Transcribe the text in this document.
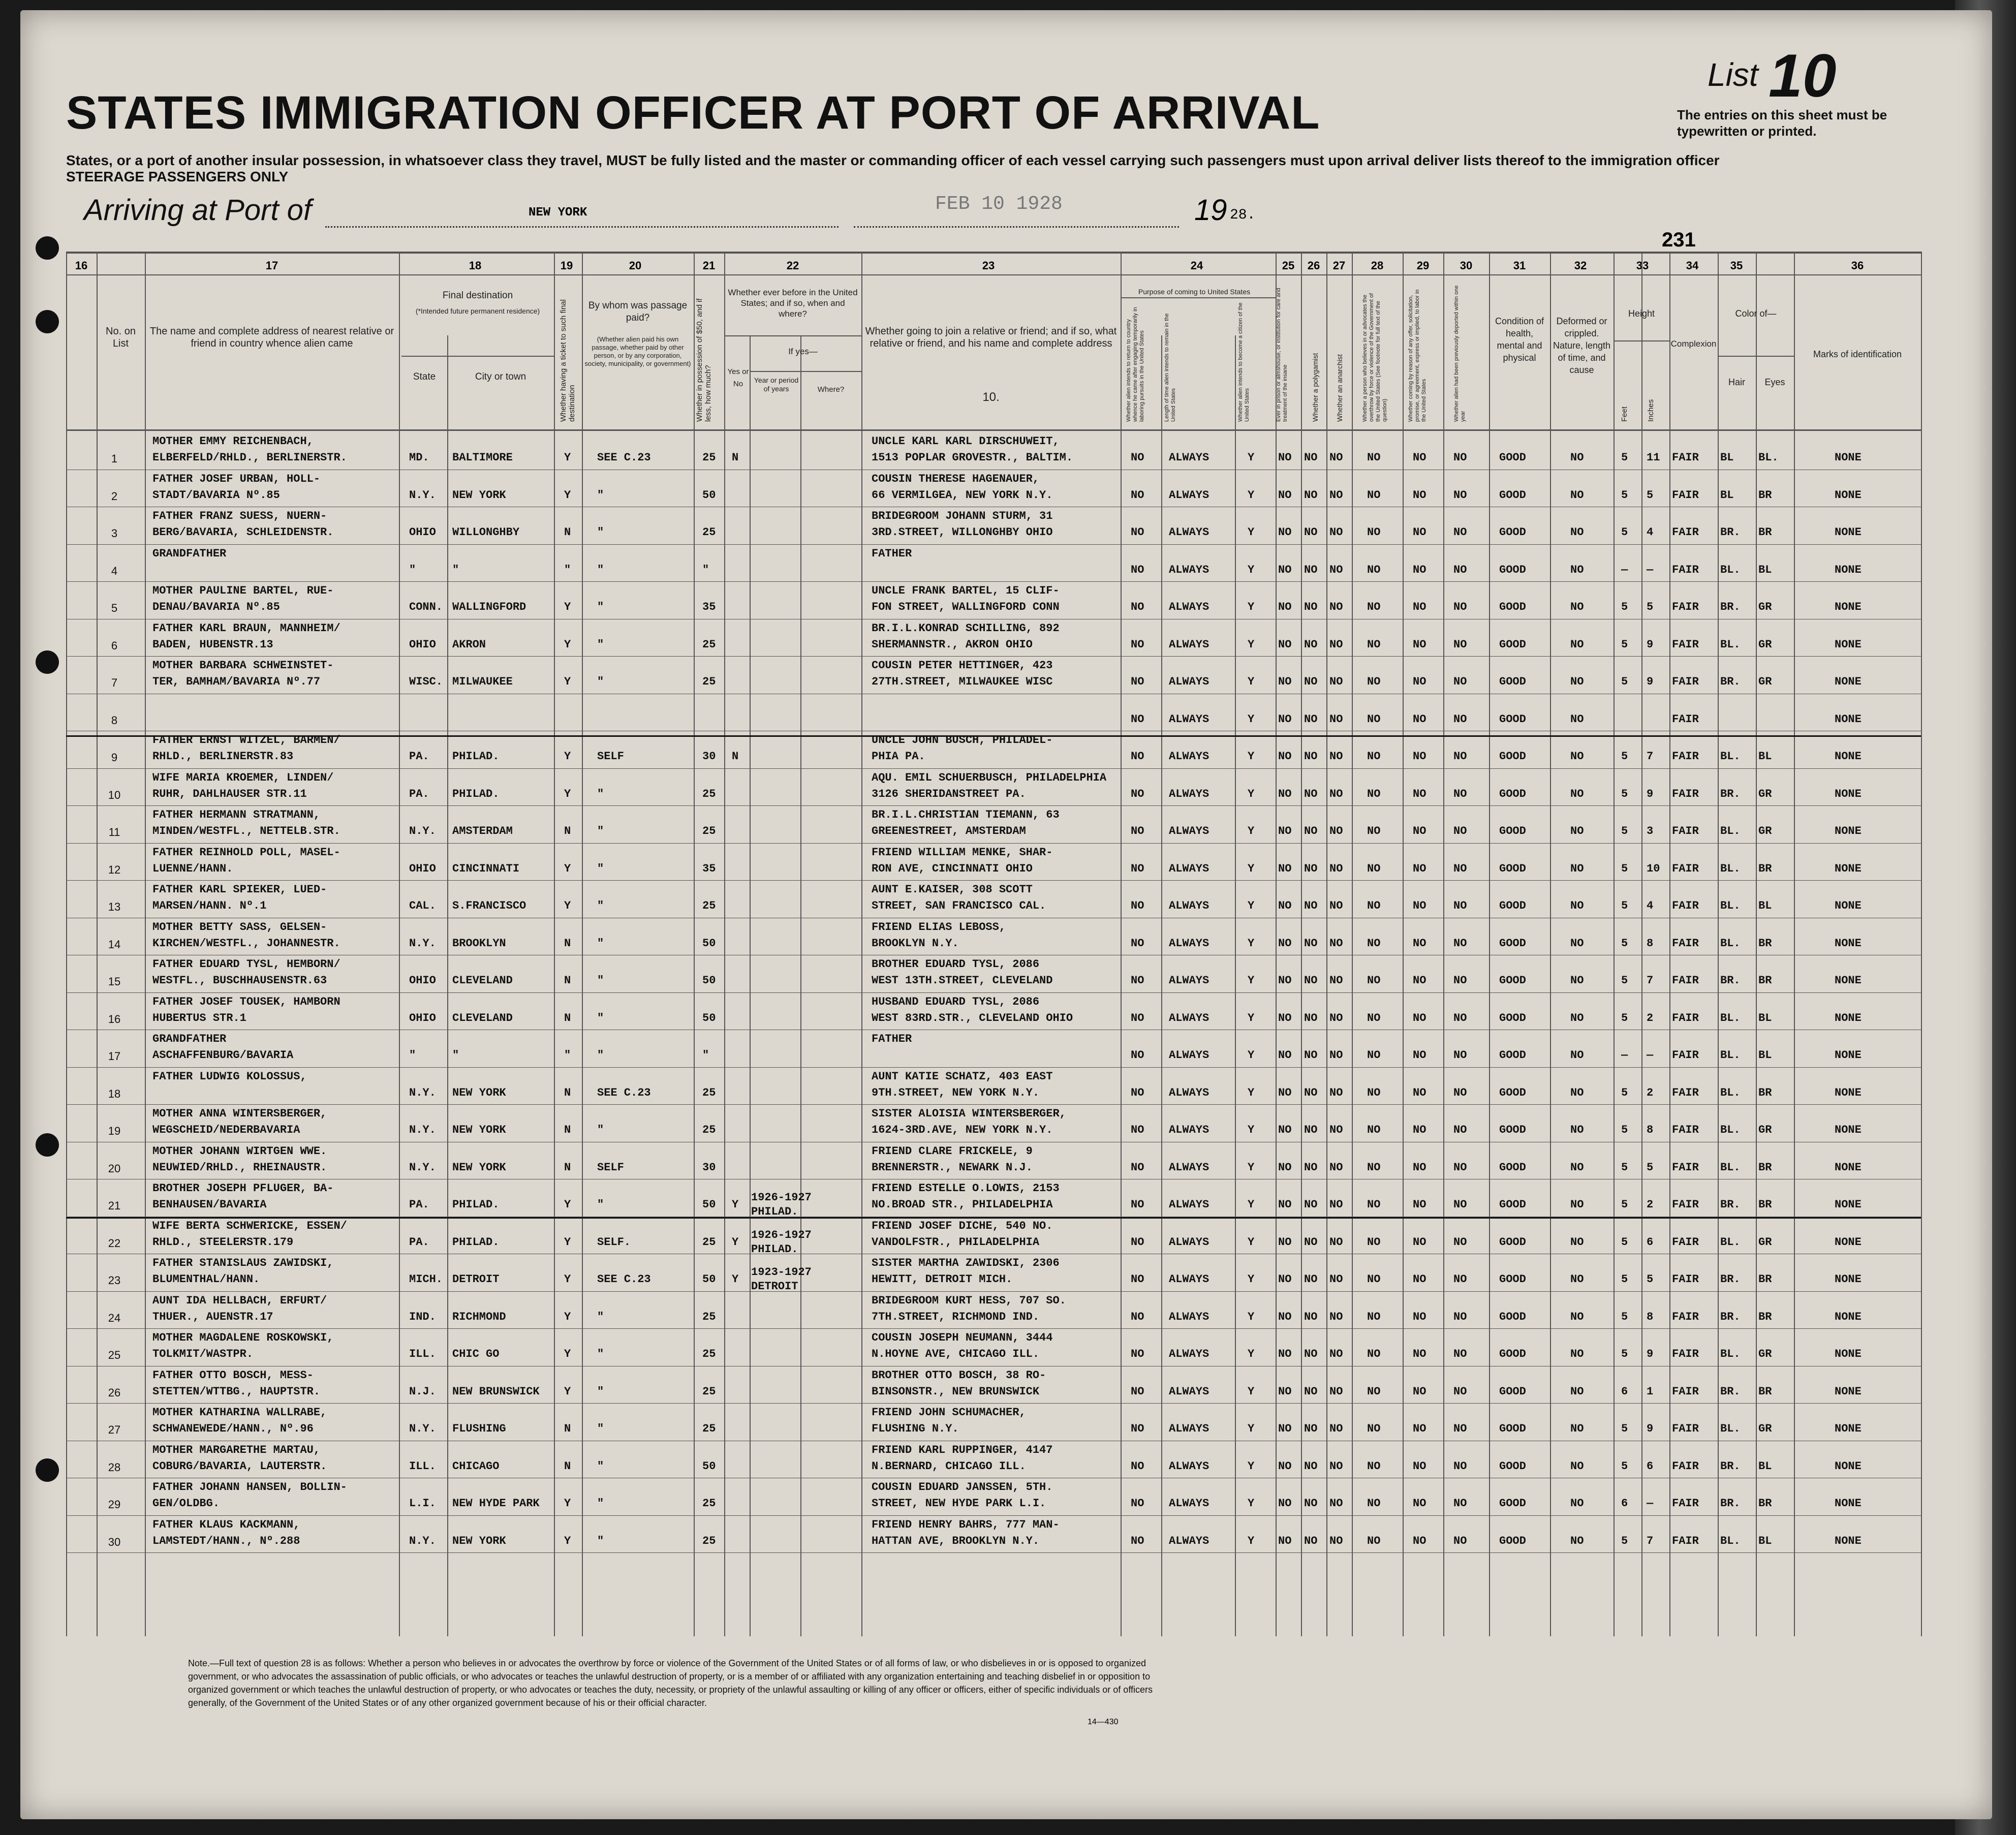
STATES IMMIGRATION OFFICER AT PORT OF ARRIVAL
List 10
The entries on this sheet must be typewritten or printed.
States, or a port of another insular possession, in whatsoever class they travel, MUST be fully listed and the master or commanding officer of each vessel carrying such passengers must upon arrival deliver lists thereof to the immigration officer
STEERAGE PASSENGERS ONLY
Arriving at Port of	NEW YORK	FEB 10 1928	19 28.
231
16	17	18	19	20	21	22	23	24	25	26	27	28	29	30	31	32	33	34	35	36
No. on List
The name and complete address of nearest relative or friend in country whence alien came
Final destination
(*Intended future permanent residence)
State	City or town	Whether having a ticket to such final destination
By whom was passage paid?
(Whether alien paid his own passage, whether paid by other person, or by any corporation, society, municipality, or government) Whether in possession of $50, and if less, how much?
Whether ever before in the United States; and if so, when and where?
Yes or No
If yes—
Year or period of years	Where?
Whether going to join a relative or friend; and if so, what relative or friend, and his name and complete address
10.
Purpose of coming to United States
Whether alien intends to return to country whence he came after engaging temporarily in laboring pursuits in the United States	Length of time alien intends to remain in the United States	Whether alien intends to become a citizen of the United States	Ever in prison or almshouse, or institution for care and treatment of the insane	Whether a polygamist Whether an anarchist	Whether a person who believes in or advocates the overthrow by force or violence of the Government of the United States (See footnote for full text of the question)	Whether coming by reason of any offer, solicitation, promise, or agreement, express or implied, to labor in the United States	Whether alien had been previously deported within one year
Condition of health, mental and physical
Deformed or crippled. Nature, length of time, and cause
Height
Feet Inches
Complexion
Color of—
Hair	Eyes
Marks of identification
1
MOTHER EMMY REICHENBACH,
ELBERFELD/RHLD., BERLINERSTR.
UNCLE KARL KARL DIRSCHUWEIT,
1513 POPLAR GROVESTR., BALTIM.
MD. BALTIMORE	Y SEE C.23	25 N	NO ALWAYS	Y NO NO NO NO	NO NO	GOOD	NO	5 11 FAIR BL BL.	NONE
2
FATHER JOSEF URBAN, HOLL-
STADT/BAVARIA Nº.85
COUSIN THERESE HAGENAUER,
66 VERMILGEA, NEW YORK N.Y.
N.Y. NEW YORK	Y "	50	NO ALWAYS	Y NO NO NO NO	NO NO	GOOD	NO	5 5 FAIR BL BR	NONE
3
FATHER FRANZ SUESS, NUERN-
BERG/BAVARIA, SCHLEIDENSTR.
BRIDEGROOM JOHANN STURM, 31
3RD.STREET, WILLONGHBY OHIO
OHIO WILLONGHBY	N "	25	NO ALWAYS	Y NO NO NO NO	NO NO	GOOD	NO	5 4 FAIR BR. BR	NONE
4
GRANDFATHER	FATHER
"	"	" "	"	NO ALWAYS	Y NO NO NO NO	NO NO	GOOD	NO	— — FAIR BL. BL	NONE
5
MOTHER PAULINE BARTEL, RUE-
DENAU/BAVARIA Nº.85
UNCLE FRANK BARTEL, 15 CLIF-
FON STREET, WALLINGFORD CONN
CONN. WALLINGFORD	Y "	35	NO ALWAYS	Y NO NO NO NO	NO NO	GOOD	NO	5 5 FAIR BR. GR	NONE
6
FATHER KARL BRAUN, MANNHEIM/
BADEN, HUBENSTR.13
BR.I.L.KONRAD SCHILLING, 892
SHERMANNSTR., AKRON OHIO
OHIO AKRON	Y "	25	NO ALWAYS	Y NO NO NO NO	NO NO	GOOD	NO	5 9 FAIR BL. GR	NONE
7
MOTHER BARBARA SCHWEINSTET-
TER, BAMHAM/BAVARIA Nº.77
COUSIN PETER HETTINGER, 423
27TH.STREET, MILWAUKEE WISC
WISC. MILWAUKEE	Y "	25	NO ALWAYS	Y NO NO NO NO	NO NO	GOOD	NO	5 9 FAIR BR. GR	NONE
8	NO ALWAYS	Y NO NO NO NO	NO NO	GOOD	NO	FAIR	NONE
9
FATHER ERNST WITZEL, BARMEN/
RHLD., BERLINERSTR.83
UNCLE JOHN BUSCH, PHILADEL-
PHIA PA.
PA. PHILAD.	Y SELF	30 N	NO ALWAYS	Y NO NO NO NO	NO NO	GOOD	NO	5 7 FAIR BL. BL	NONE
10
WIFE MARIA KROEMER, LINDEN/
RUHR, DAHLHAUSER STR.11
AQU. EMIL SCHUERBUSCH, PHILADELPHIA
3126 SHERIDANSTREET PA.
PA. PHILAD.	Y "	25	NO ALWAYS	Y NO NO NO NO	NO NO	GOOD	NO	5 9 FAIR BR. GR	NONE
11
FATHER HERMANN STRATMANN,
MINDEN/WESTFL., NETTELB.STR.
BR.I.L.CHRISTIAN TIEMANN, 63
GREENESTREET, AMSTERDAM
N.Y. AMSTERDAM	N "	25	NO ALWAYS	Y NO NO NO NO	NO NO	GOOD	NO	5 3 FAIR BL. GR	NONE
12
FATHER REINHOLD POLL, MASEL-
LUENNE/HANN.
FRIEND WILLIAM MENKE, SHAR-
RON AVE, CINCINNATI OHIO
OHIO CINCINNATI	Y "	35	NO ALWAYS	Y NO NO NO NO	NO NO	GOOD	NO	5 10 FAIR BL. BR	NONE
13
FATHER KARL SPIEKER, LUED-
MARSEN/HANN. Nº.1
AUNT E.KAISER, 308 SCOTT
STREET, SAN FRANCISCO CAL.
CAL. S.FRANCISCO	Y "	25	NO ALWAYS	Y NO NO NO NO	NO NO	GOOD	NO	5 4 FAIR BL. BL	NONE
14
MOTHER BETTY SASS, GELSEN-
KIRCHEN/WESTFL., JOHANNESTR.
FRIEND ELIAS LEBOSS,
BROOKLYN N.Y.
N.Y. BROOKLYN	N "	50	NO ALWAYS	Y NO NO NO NO	NO NO	GOOD	NO	5 8 FAIR BL. BR	NONE
15
FATHER EDUARD TYSL, HEMBORN/
WESTFL., BUSCHHAUSENSTR.63
BROTHER EDUARD TYSL, 2086
WEST 13TH.STREET, CLEVELAND
OHIO CLEVELAND	N "	50	NO ALWAYS	Y NO NO NO NO	NO NO	GOOD	NO	5 7 FAIR BR. BR	NONE
16
FATHER JOSEF TOUSEK, HAMBORN
HUBERTUS STR.1
HUSBAND EDUARD TYSL, 2086
WEST 83RD.STR., CLEVELAND OHIO
OHIO CLEVELAND	N "	50	NO ALWAYS	Y NO NO NO NO	NO NO	GOOD	NO	5 2 FAIR BL. BL	NONE
17
GRANDFATHER
ASCHAFFENBURG/BAVARIA
FATHER
"	"	" "	"	NO ALWAYS	Y NO NO NO NO	NO NO	GOOD	NO	— — FAIR BL. BL	NONE
18
FATHER LUDWIG KOLOSSUS,	AUNT KATIE SCHATZ, 403 EAST
9TH.STREET, NEW YORK N.Y.
N.Y. NEW YORK	N SEE C.23	25	NO ALWAYS	Y NO NO NO NO	NO NO	GOOD	NO	5 2 FAIR BL. BR	NONE
19
MOTHER ANNA WINTERSBERGER,
WEGSCHEID/NEDERBAVARIA
SISTER ALOISIA WINTERSBERGER,
1624-3RD.AVE, NEW YORK N.Y.
N.Y. NEW YORK	N "	25	NO ALWAYS	Y NO NO NO NO	NO NO	GOOD	NO	5 8 FAIR BL. GR	NONE
20
MOTHER JOHANN WIRTGEN WWE.
NEUWIED/RHLD., RHEINAUSTR.
FRIEND CLARE FRICKELE, 9
BRENNERSTR., NEWARK N.J.
N.Y. NEW YORK	N SELF	30	NO ALWAYS	Y NO NO NO NO	NO NO	GOOD	NO	5 5 FAIR BL. BR	NONE
21
BROTHER JOSEPH PFLUGER, BA-
BENHAUSEN/BAVARIA
FRIEND ESTELLE O.LOWIS, 2153
NO.BROAD STR., PHILADELPHIA
PA. PHILAD.	Y "	50 Y
1926-1927
PHILAD.
NO ALWAYS	Y NO NO NO NO	NO NO	GOOD	NO	5 2 FAIR BR. BR	NONE
22
WIFE BERTA SCHWERICKE, ESSEN/
RHLD., STEELERSTR.179
FRIEND JOSEF DICHE, 540 NO.
VANDOLFSTR., PHILADELPHIA
PA. PHILAD.	Y SELF.	25 Y
1926-1927
PHILAD.
NO ALWAYS	Y NO NO NO NO	NO NO	GOOD	NO	5 6 FAIR BL. GR	NONE
23
FATHER STANISLAUS ZAWIDSKI,
BLUMENTHAL/HANN.
SISTER MARTHA ZAWIDSKI, 2306
HEWITT, DETROIT MICH.
MICH. DETROIT	Y SEE C.23	50 Y
1923-1927
DETROIT
NO ALWAYS	Y NO NO NO NO	NO NO	GOOD	NO	5 5 FAIR BR. BR	NONE
24
AUNT IDA HELLBACH, ERFURT/
THUER., AUENSTR.17
BRIDEGROOM KURT HESS, 707 SO.
7TH.STREET, RICHMOND IND.
IND. RICHMOND	Y "	25	NO ALWAYS	Y NO NO NO NO	NO NO	GOOD	NO	5 8 FAIR BR. BR	NONE
25
MOTHER MAGDALENE ROSKOWSKI,
TOLKMIT/WASTPR.
COUSIN JOSEPH NEUMANN, 3444
N.HOYNE AVE, CHICAGO ILL.
ILL. CHIC GO	Y "	25	NO ALWAYS	Y NO NO NO NO	NO NO	GOOD	NO	5 9 FAIR BL. GR	NONE
26
FATHER OTTO BOSCH, MESS-
STETTEN/WTTBG., HAUPTSTR.
BROTHER OTTO BOSCH, 38 RO-
BINSONSTR., NEW BRUNSWICK
N.J. NEW BRUNSWICK Y "	25	NO ALWAYS	Y NO NO NO NO	NO NO	GOOD	NO	6 1 FAIR BR. BR	NONE
27
MOTHER KATHARINA WALLRABE,
SCHWANEWEDE/HANN., Nº.96
FRIEND JOHN SCHUMACHER,
FLUSHING N.Y.
N.Y. FLUSHING	N "	25	NO ALWAYS	Y NO NO NO NO	NO NO	GOOD	NO	5 9 FAIR BL. GR	NONE
28
MOTHER MARGARETHE MARTAU,
COBURG/BAVARIA, LAUTERSTR.
FRIEND KARL RUPPINGER, 4147
N.BERNARD, CHICAGO ILL.
ILL. CHICAGO	N "	50	NO ALWAYS	Y NO NO NO NO	NO NO	GOOD	NO	5 6 FAIR BR. BL	NONE
29
FATHER JOHANN HANSEN, BOLLIN-
GEN/OLDBG.
COUSIN EDUARD JANSSEN, 5TH.
STREET, NEW HYDE PARK L.I.
L.I. NEW HYDE PARK Y "	25	NO ALWAYS	Y NO NO NO NO	NO NO	GOOD	NO	6 — FAIR BR. BR	NONE
30
FATHER KLAUS KACKMANN,
LAMSTEDT/HANN., Nº.288
FRIEND HENRY BAHRS, 777 MAN-
HATTAN AVE, BROOKLYN N.Y.
N.Y. NEW YORK	Y "	25	NO ALWAYS	Y NO NO NO NO	NO NO	GOOD	NO	5 7 FAIR BL. BL	NONE
Note.—Full text of question 28 is as follows: Whether a person who believes in or advocates the overthrow by force or violence of the Government of the United States or of all forms of law, or who disbelieves in or is opposed to organized government, or who advocates the assassination of public officials, or who advocates or teaches the unlawful destruction of property, or is a member of or affiliated with any organization entertaining and teaching disbelief in or opposition to organized government or which teaches the unlawful destruction of property, or who advocates or teaches the duty, necessity, or propriety of the unlawful assaulting or killing of any officer or officers, either of specific individuals or of officers generally, of the Government of the United States or of any other organized government because of his or their official character.
14—430
